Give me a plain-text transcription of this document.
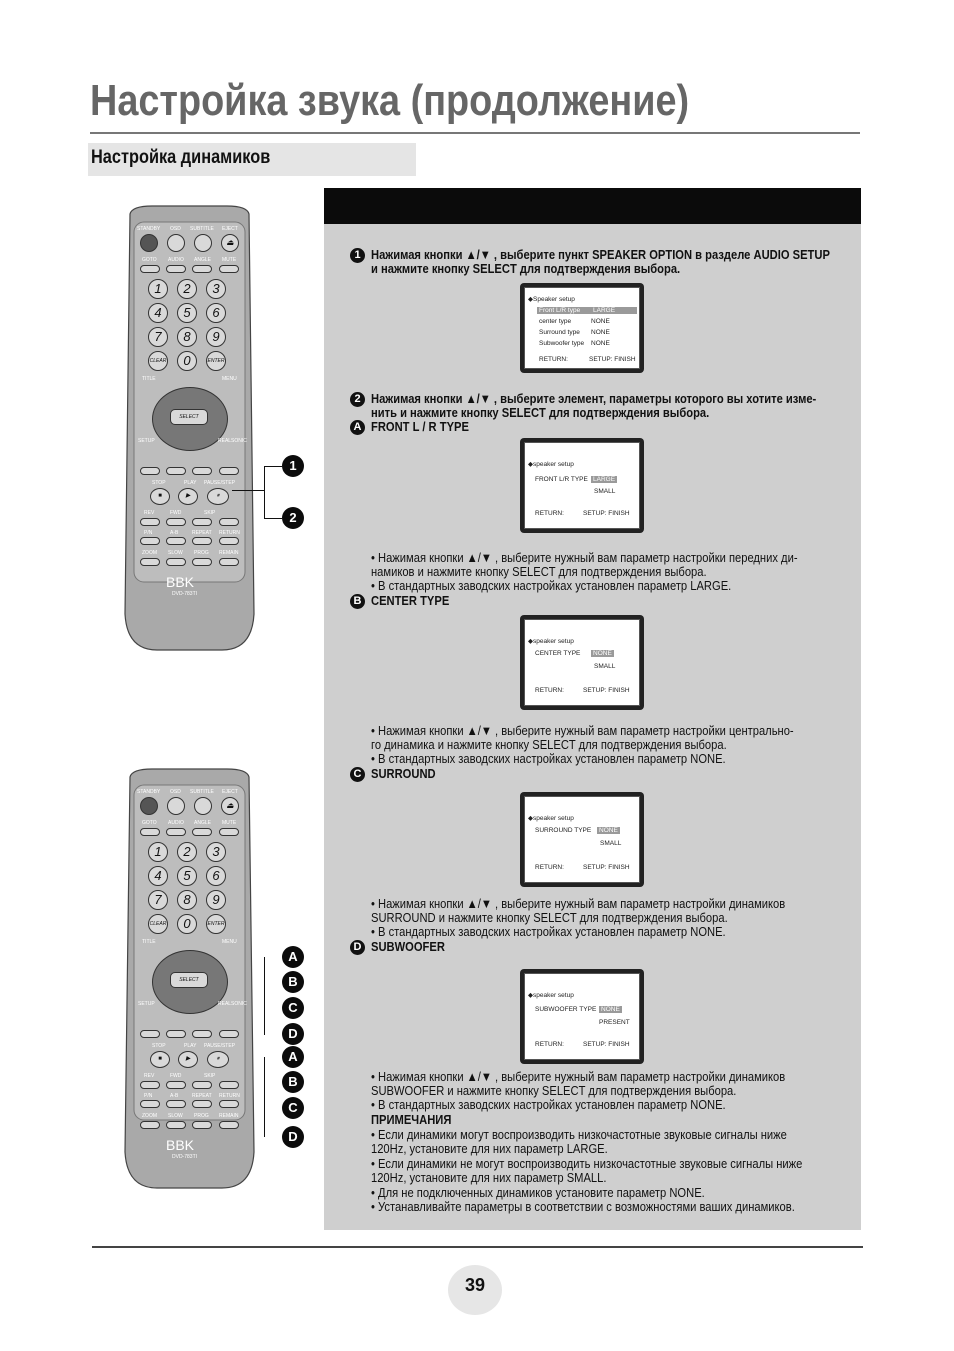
Настройка звука (продолжение)
Настройка динамиков
1 Нажимая кнопки ▲/▼ , выберите пункт SPEAKER OPTION в разделе AUDIO SETUP
и нажмите кнопку SELECT для подтверждения выбора.
◆Speaker setup
Front L/R type LARGE
center type	NONE
Surround type NONE
Subwoofer type NONE
RETURN:	SETUP: FINISH
2 Нажимая кнопки ▲/▼ , выберите элемент, параметры которого вы хотите изме-
нить и нажмите кнопку SELECT для подтверждения выбора.
A FRONT L / R TYPE
◆speaker setup
FRONT L/R TYPE LARGE
SMALL
RETURN:	SETUP: FINISH
• Нажимая кнопки ▲/▼ , выберите нужный вам параметр настройки передних ди-
намиков и нажмите кнопку SELECT для подтверждения выбора.
• В стандартных заводских настройках установлен параметр LARGE.
B CENTER TYPE
◆speaker setup
CENTER TYPE	NONE
SMALL
RETURN:	SETUP: FINISH
• Нажимая кнопки ▲/▼ , выберите нужный вам параметр настройки центрально-
го динамика и нажмите кнопку SELECT для подтверждения выбора.
• В стандартных заводских настройках установлен параметр NONE.
C SURROUND
◆speaker setup
SURROUND TYPE	NONE
SMALL
RETURN:	SETUP: FINISH
• Нажимая кнопки ▲/▼ , выберите нужный вам параметр настройки динамиков
SURROUND и нажмите кнопку SELECT для подтверждения выбора.
• В стандартных заводских настройках установлен параметр NONE.
D SUBWOOFER
◆speaker setup
SUBWOOFER TYPE NONE
PRESENT
RETURN:	SETUP: FINISH
• Нажимая кнопки ▲/▼ , выберите нужный вам параметр настройки динамиков
SUBWOOFER и нажмите кнопку SELECT для подтверждения выбора.
• В стандартных заводских настройках установлен параметр NONE.
ПРИМЕЧАНИЯ
• Если динамики могут воспроизводить низкочастотные звуковые сигналы ниже
120Hz, установите для них параметр LARGE.
• Если динамики не могут воспроизводить низкочастотные звуковые сигналы ниже
120Hz, установите для них параметр SMALL.
• Для не подключенных динамиков установите параметр NONE.
• Устанавливайте параметры в соответствии с возможностями ваших динамиков.
STANDBY OSD SUBTITLE EJECT
⏏
GOTO AUDIO ANGLE MUTE
1	2	3
4	5	6
7	8	9
CLEAR	0	ENTER
TITLE	MENU
SELECT
SETUP	REALSONIC
STOP	PLAY PAUSE/STEP
■	▶	⏸
REV	FWD	SKIP
P/N	A-B	REPEAT RETURN
ZOOM SLOW PROG REMAIN
BBK
DVD-783TI
STANDBY OSD SUBTITLE EJECT
⏏
GOTO AUDIO ANGLE MUTE
1	2	3
4	5	6
7	8	9
CLEAR	0	ENTER
TITLE	MENU
SELECT
SETUP	REALSONIC
STOP	PLAY PAUSE/STEP
■	▶	⏸
REV	FWD	SKIP
P/N	A-B	REPEAT RETURN
ZOOM SLOW PROG REMAIN
BBK
DVD-783TI
1
2
A
B
C
D
A
B
C
D
39
